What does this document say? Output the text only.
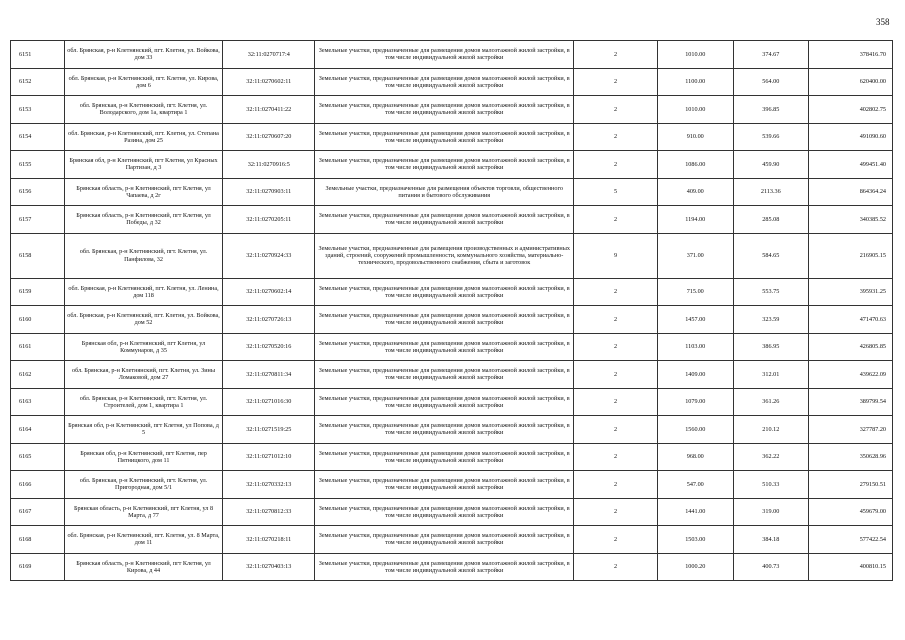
358
6151	обл. Брянская, р-н Клетнянский, пгт. Клетня, ул. Войкова, дом 33	32:11:0270717:4	Земельные участки, предназначенные для размещения домов малоэтажной жилой застройки, в том числе индивидуальной жилой застройки	2	1010.00	374.67	378416.70
6152	обл. Брянская, р-н Клетнянский, пгт. Клетня, ул. Кирова, дом 6	32:11:0270602:11	Земельные участки, предназначенные для размещения домов малоэтажной жилой застройки, в том числе индивидуальной жилой застройки	2	1100.00	564.00	620400.00
6153	обл. Брянская, р-н Клетнянский, пгт. Клетня, ул. Володарского, дом 1а, квартира 1	32:11:0270411:22	Земельные участки, предназначенные для размещения домов малоэтажной жилой застройки, в том числе индивидуальной жилой застройки	2	1010.00	396.85	402802.75
6154	обл. Брянская, р-н Клетнянский, пгт. Клетня, ул. Степана Разина, дом 25	32:11:0270607:20	Земельные участки, предназначенные для размещения домов малоэтажной жилой застройки, в том числе индивидуальной жилой застройки	2	910.00	539.66	491090.60
6155	Брянская обл, р-н Клетнянский, пгт Клетня, ул Красных Партизан, д 3	32:11:0270916:5	Земельные участки, предназначенные для размещения домов малоэтажной жилой застройки, в том числе индивидуальной жилой застройки	2	1086.00	459.90	499451.40
6156	Брянская область, р-н Клетнянский, пгт Клетня, ул Чапаева, д 2г	32:11:0270903:11	Земельные участки, предназначенные для размещения объектов торговли, общественного питания и бытового обслуживания	5	409.00	2113.36	864364.24
6157	Брянская область, р-н Клетнянский, пгт Клетня, ул Победы, д 32	32:11:0270205:11	Земельные участки, предназначенные для размещения домов малоэтажной жилой застройки, в том числе индивидуальной жилой застройки	2	1194.00	285.08	340385.52
6158	обл. Брянская, р-н Клетнянский, пгт. Клетня, ул. Панфилова, 32	32:11:0270924:33	Земельные участки, предназначенные для размещения производственных и административных зданий, строений, сооружений промышленности, коммунального хозяйства, материально-технического, продовольственного снабжения, сбыта и заготовок	9	371.00	584.65	216905.15
6159	обл. Брянская, р-н Клетнянский, пгт. Клетня, ул. Ленина, дом 118	32:11:0270602:14	Земельные участки, предназначенные для размещения домов малоэтажной жилой застройки, в том числе индивидуальной жилой застройки	2	715.00	553.75	395931.25
6160	обл. Брянская, р-н Клетнянский, пгт. Клетня, ул. Войкова, дом 52	32:11:0270726:13	Земельные участки, предназначенные для размещения домов малоэтажной жилой застройки, в том числе индивидуальной жилой застройки	2	1457.00	323.59	471470.63
6161	Брянская обл, р-н Клетнянский, пгт Клетня, ул Коммунаров, д 35	32:11:0270520:16	Земельные участки, предназначенные для размещения домов малоэтажной жилой застройки, в том числе индивидуальной жилой застройки	2	1103.00	386.95	426805.85
6162	обл. Брянская, р-н Клетнянский, пгт. Клетня, ул. Зины Ломаковой, дом 27	32:11:0270811:34	Земельные участки, предназначенные для размещения домов малоэтажной жилой застройки, в том числе индивидуальной жилой застройки	2	1409.00	312.01	439622.09
6163	обл. Брянская, р-н Клетнянский, пгт. Клетня, ул. Строителей, дом 1, квартира 1	32:11:0271016:30	Земельные участки, предназначенные для размещения домов малоэтажной жилой застройки, в том числе индивидуальной жилой застройки	2	1079.00	361.26	389799.54
6164	Брянская обл, р-н Клетнянский, пгт Клетня, ул Попова, д 5	32:11:0271519:25	Земельные участки, предназначенные для размещения домов малоэтажной жилой застройки, в том числе индивидуальной жилой застройки	2	1560.00	210.12	327787.20
6165	Брянская обл, р-н Клетнянский, пгт Клетня, пер Пятницкого, дом 11	32:11:0271012:10	Земельные участки, предназначенные для размещения домов малоэтажной жилой застройки, в том числе индивидуальной жилой застройки	2	968.00	362.22	350628.96
6166	обл. Брянская, р-н Клетнянский, пгт. Клетня, ул. Пригородная, дом 5/1	32:11:0270332:13	Земельные участки, предназначенные для размещения домов малоэтажной жилой застройки, в том числе индивидуальной жилой застройки	2	547.00	510.33	279150.51
6167	Брянская область, р-н Клетнянский, пгт Клетня, ул 8 Марта, д 77	32:11:0270812:33	Земельные участки, предназначенные для размещения домов малоэтажной жилой застройки, в том числе индивидуальной жилой застройки	2	1441.00	319.00	459679.00
6168	обл. Брянская, р-н Клетнянский, пгт. Клетня, ул. 8 Марта, дом 11	32:11:0270218:11	Земельные участки, предназначенные для размещения домов малоэтажной жилой застройки, в том числе индивидуальной жилой застройки	2	1503.00	384.18	577422.54
6169	Брянская область, р-н Клетнянский, пгт Клетня, ул Кирова, д 44	32:11:0270403:13	Земельные участки, предназначенные для размещения домов малоэтажной жилой застройки, в том числе индивидуальной жилой застройки	2	1000.20	400.73	400810.15
